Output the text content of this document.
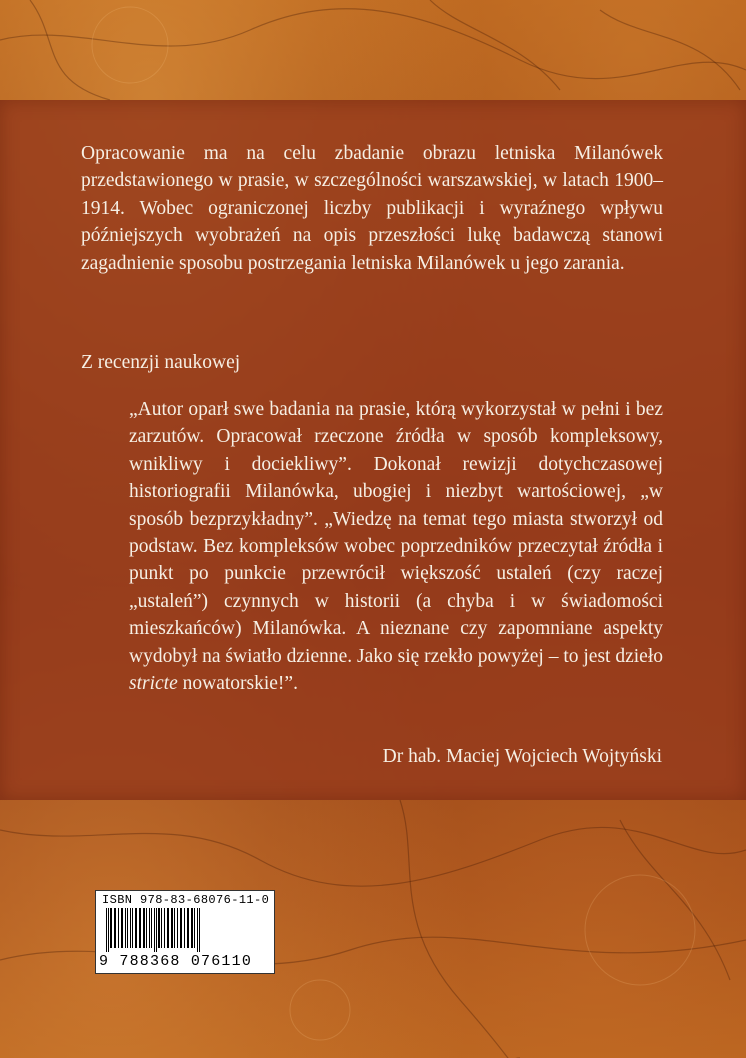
Opracowanie ma na celu zbadanie obrazu letniska Milanówek przedstawionego w prasie, w szczególności warszawskiej, w latach 1900–1914. Wobec ograniczonej liczby publikacji i wyraźnego wpływu późniejszych wyobrażeń na opis przeszłości lukę badawczą stanowi zagadnienie sposobu postrzegania letniska Milanówek u jego zarania.
Z recenzji naukowej
„Autor oparł swe badania na prasie, którą wykorzystał w pełni i bez zarzutów. Opracował rzeczone źródła w sposób kompleksowy, wnikliwy i dociekliwy”. Dokonał rewizji dotychczasowej historiografii Milanówka, ubogiej i niezbyt wartościowej, „w sposób bezprzykładny”. „Wiedzę na temat tego miasta stworzył od podstaw. Bez kompleksów wobec poprzedników przeczytał źródła i punkt po punkcie przewrócił większość ustaleń (czy raczej „ustaleń”) czynnych w historii (a chyba i w świadomości mieszkańców) Milanówka. A nieznane czy zapomniane aspekty wydobył na światło dzienne. Jako się rzekło powyżej – to jest dzieło stricte nowatorskie!”.
Dr hab. Maciej Wojciech Wojtyński
ISBN 978-83-68076-11-0
9 788368 076110
